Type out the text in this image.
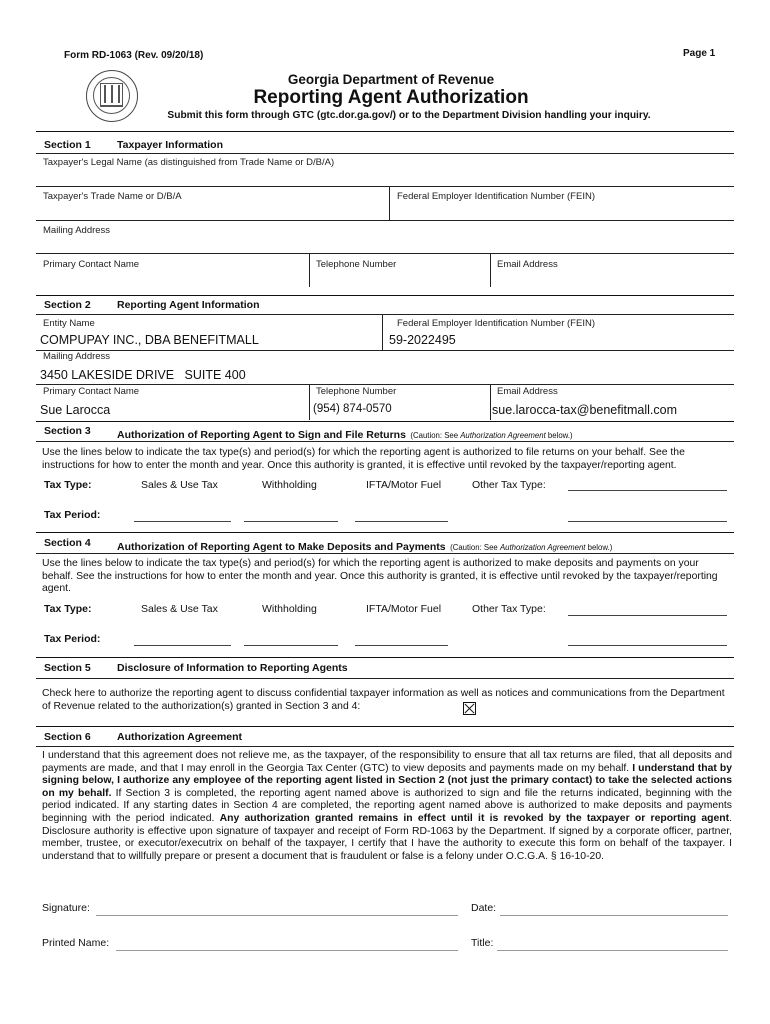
Form RD-1063 (Rev. 09/20/18)	Page 1
Georgia Department of Revenue
Reporting Agent Authorization
Submit this form through GTC (gtc.dor.ga.gov/) or to the Department Division handling your inquiry.
Section 1	Taxpayer Information
Taxpayer's Legal Name (as distinguished from Trade Name or D/B/A)
Taxpayer's Trade Name or D/B/A	Federal Employer Identification Number (FEIN)
Mailing Address
Primary Contact Name	Telephone Number	Email Address
Section 2	Reporting Agent Information
Entity Name
COMPUPAY INC., DBA BENEFITMALL
Federal Employer Identification Number (FEIN)
59-2022495
Mailing Address
3450 LAKESIDE DRIVE   SUITE 400
Primary Contact Name
Sue Larocca
Telephone Number
(954) 874-0570
Email Address
sue.larocca-tax@benefitmall.com
Section 3	Authorization of Reporting Agent to Sign and File Returns (Caution: See Authorization Agreement below.)
Use the lines below to indicate the tax type(s) and period(s) for which the reporting agent is authorized to file returns on your behalf. See the instructions for how to enter the month and year. Once this authority is granted, it is effective until revoked by the taxpayer/reporting agent.
Tax Type:	Sales & Use Tax	Withholding	IFTA/Motor Fuel	Other Tax Type:
Tax Period:
Section 4	Authorization of Reporting Agent to Make Deposits and Payments (Caution: See Authorization Agreement below.)
Use the lines below to indicate the tax type(s) and period(s) for which the reporting agent is authorized to make deposits and payments on your behalf. See the instructions for how to enter the month and year. Once this authority is granted, it is effective until revoked by the taxpayer/reporting agent.
Tax Type:	Sales & Use Tax	Withholding	IFTA/Motor Fuel	Other Tax Type:
Tax Period:
Section 5	Disclosure of Information to Reporting Agents
Check here to authorize the reporting agent to discuss confidential taxpayer information as well as notices and communications from the Department of Revenue related to the authorization(s) granted in Section 3 and 4:
Section 6	Authorization Agreement
I understand that this agreement does not relieve me, as the taxpayer, of the responsibility to ensure that all tax returns are filed, that all deposits and payments are made, and that I may enroll in the Georgia Tax Center (GTC) to view deposits and payments made on my behalf. I understand that by signing below, I authorize any employee of the reporting agent listed in Section 2 (not just the primary contact) to take the selected actions on my behalf. If Section 3 is completed, the reporting agent named above is authorized to sign and file the returns indicated, beginning with the period indicated. If any starting dates in Section 4 are completed, the reporting agent named above is authorized to make deposits and payments beginning with the period indicated. Any authorization granted remains in effect until it is revoked by the taxpayer or reporting agent. Disclosure authority is effective upon signature of taxpayer and receipt of Form RD-1063 by the Department. If signed by a corporate officer, partner, member, trustee, or executor/executrix on behalf of the taxpayer, I certify that I have the authority to execute this form on behalf of the taxpayer. I understand that to willfully prepare or present a document that is fraudulent or false is a felony under O.C.G.A. § 16-10-20.
Signature:	Date:
Printed Name:	Title:
